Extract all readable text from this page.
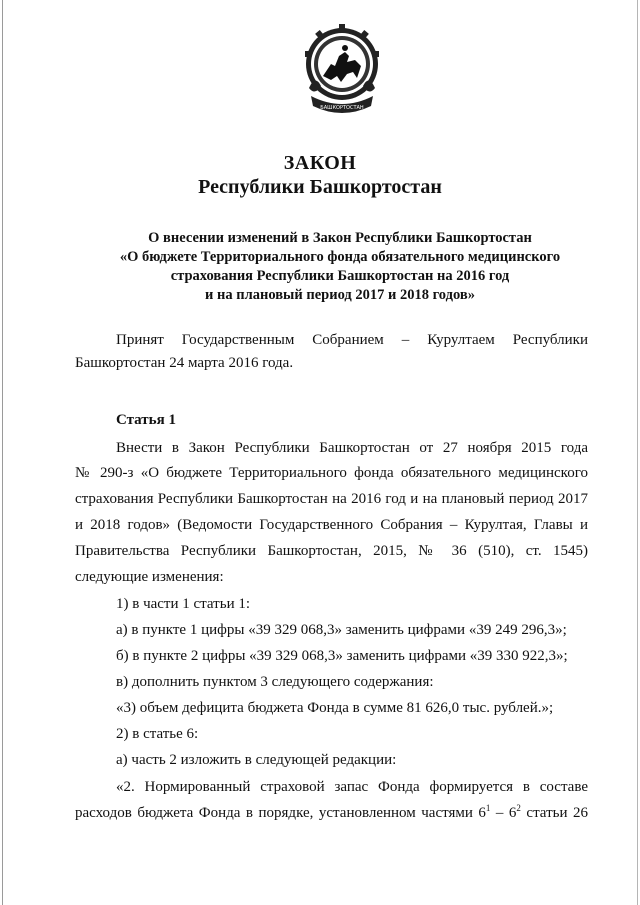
БАШКОРТОСТАН
ЗАКОН
Республики Башкортостан
О внесении изменений в Закон Республики Башкортостан
«О бюджете Территориального фонда обязательного медицинского
страхования Республики Башкортостан на 2016 год
и на плановый период 2017 и 2018 годов»
Принят Государственным Собранием – Курултаем Республики
Башкортостан 24 марта 2016 года.
Статья 1
Внести в Закон Республики Башкортостан от 27 ноября 2015 года
№ 290-з «О бюджете Территориального фонда обязательного медицинского
страхования Республики Башкортостан на 2016 год и на плановый период 2017
и 2018 годов» (Ведомости Государственного Собрания – Курултая, Главы и
Правительства Республики Башкортостан, 2015, № 36 (510), ст. 1545)
следующие изменения:
1) в части 1 статьи 1:
а) в пункте 1 цифры «39 329 068,3» заменить цифрами «39 249 296,3»;
б) в пункте 2 цифры «39 329 068,3» заменить цифрами «39 330 922,3»;
в) дополнить пунктом 3 следующего содержания:
«3) объем дефицита бюджета Фонда в сумме 81 626,0 тыс. рублей.»;
2) в статье 6:
а) часть 2 изложить в следующей редакции:
«2. Нормированный страховой запас Фонда формируется в составе
расходов бюджета Фонда в порядке, установленном частями $6^1 - 6^2$ статьи 26
